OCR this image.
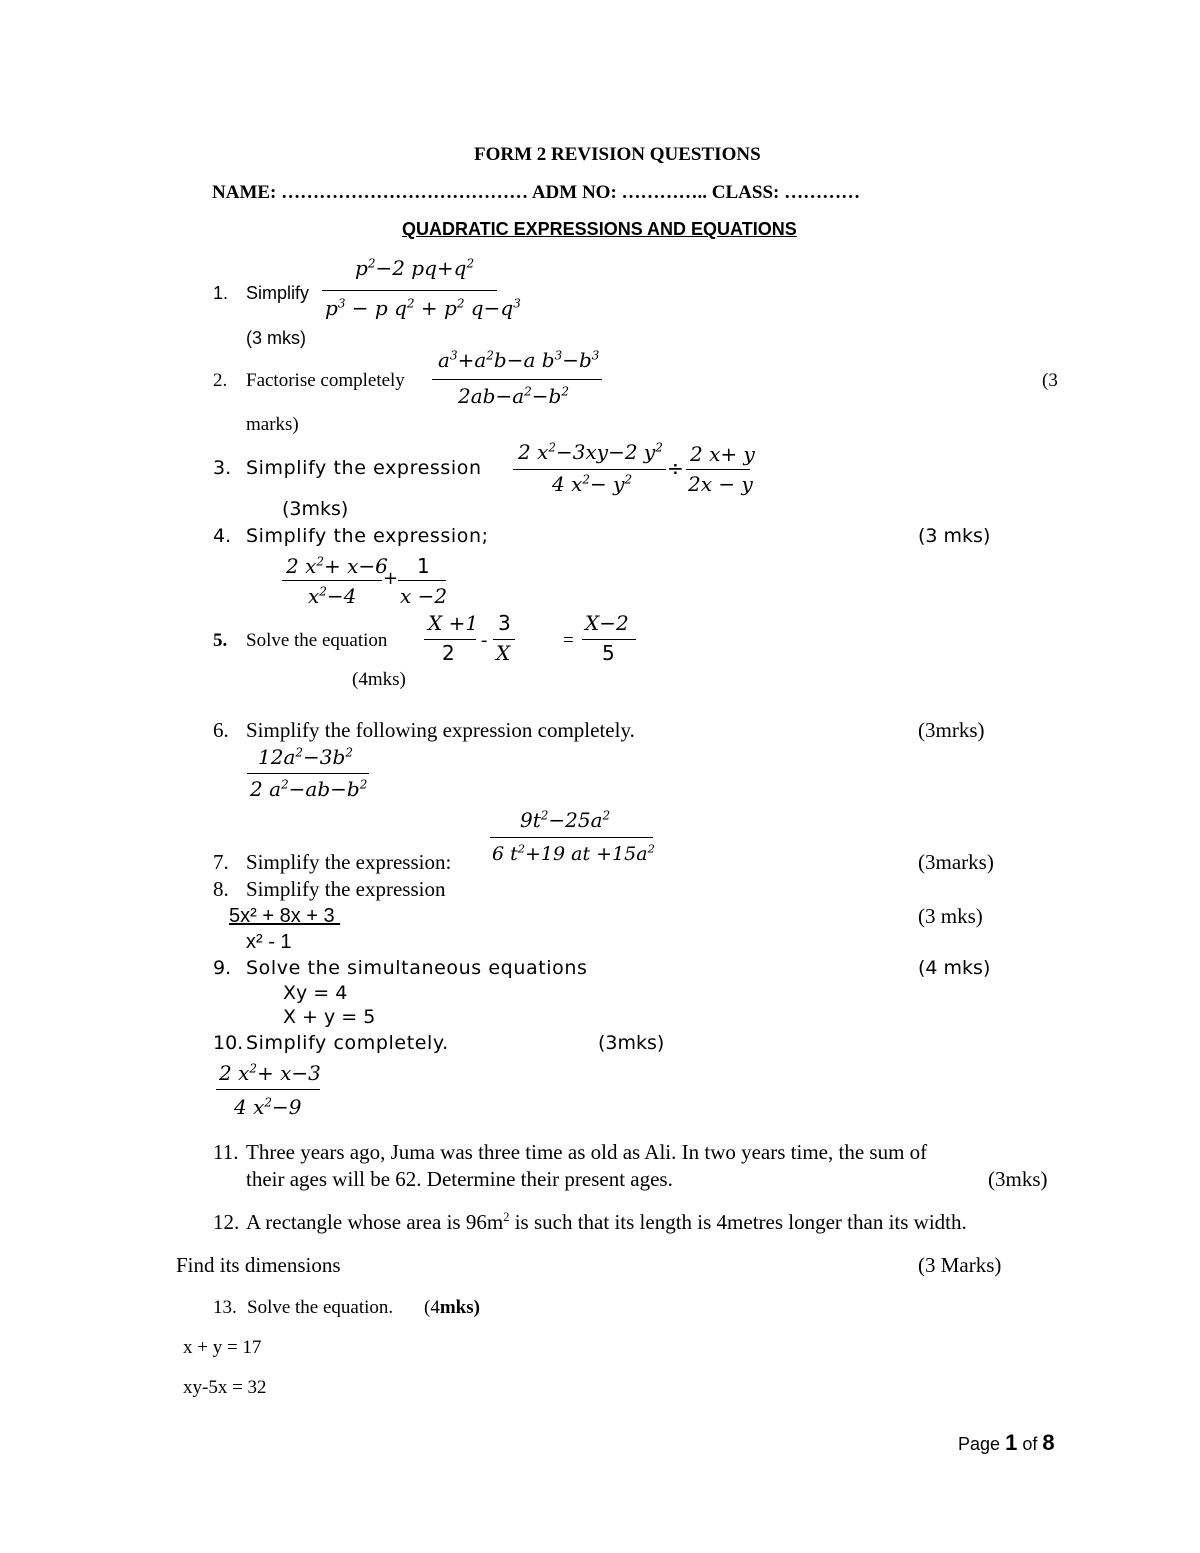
FORM 2 REVISION QUESTIONS
NAME: ………………………………… ADM NO: ………….. CLASS: …………
QUADRATIC EXPRESSIONS AND EQUATIONS
1. Simplify
$p^2-2$ $pq+q^2$
$p^3 - p$ $q^2 + p^2$ $q-q^3$
(3 mks)
2. Factorise completely
$a^3+a^2b-a$ $b^3-b^3$
$2ab-a^2-b^2$
(3
marks)
3. Simplify the expression
2 $x^2-3xy-2$ $y^2$
4 $x^2- y^2$ ÷
2 x+ y
2x − y
(3mks)
4. Simplify the expression;	(3 mks)
2 $x^2+ x-6$
$x^2-4$
+
1
x −2
5. Solve the equation
X +1
2
-
3
X
=
X−2
5
(4mks)
6. Simplify the following expression completely.	(3mrks)
$12a^2-3b^2$
2 $a^2-ab-b^2$
$9t^2-25a^2$
6 $t^2+19$ at $+15a^2$
7. Simplify the expression:	(3marks)
8. Simplify the expression
5x² + 8x + 3	(3 mks)
x² - 1
9. Solve the simultaneous equations	(4 mks)
Xy = 4
X + y = 5
10. Simplify completely.	(3mks)
2 $x^2+ x-3$
4 $x^2-9$
11. Three years ago, Juma was three time as old as Ali. In two years time, the sum of
their ages will be 62. Determine their present ages.	(3mks)
12. A rectangle whose area is $96m^2$ is such that its length is 4metres longer than its width.
Find its dimensions	(3 Marks)
13. Solve the equation. (4mks)
x + y = 17
xy-5x = 32
Page 1 of 8
